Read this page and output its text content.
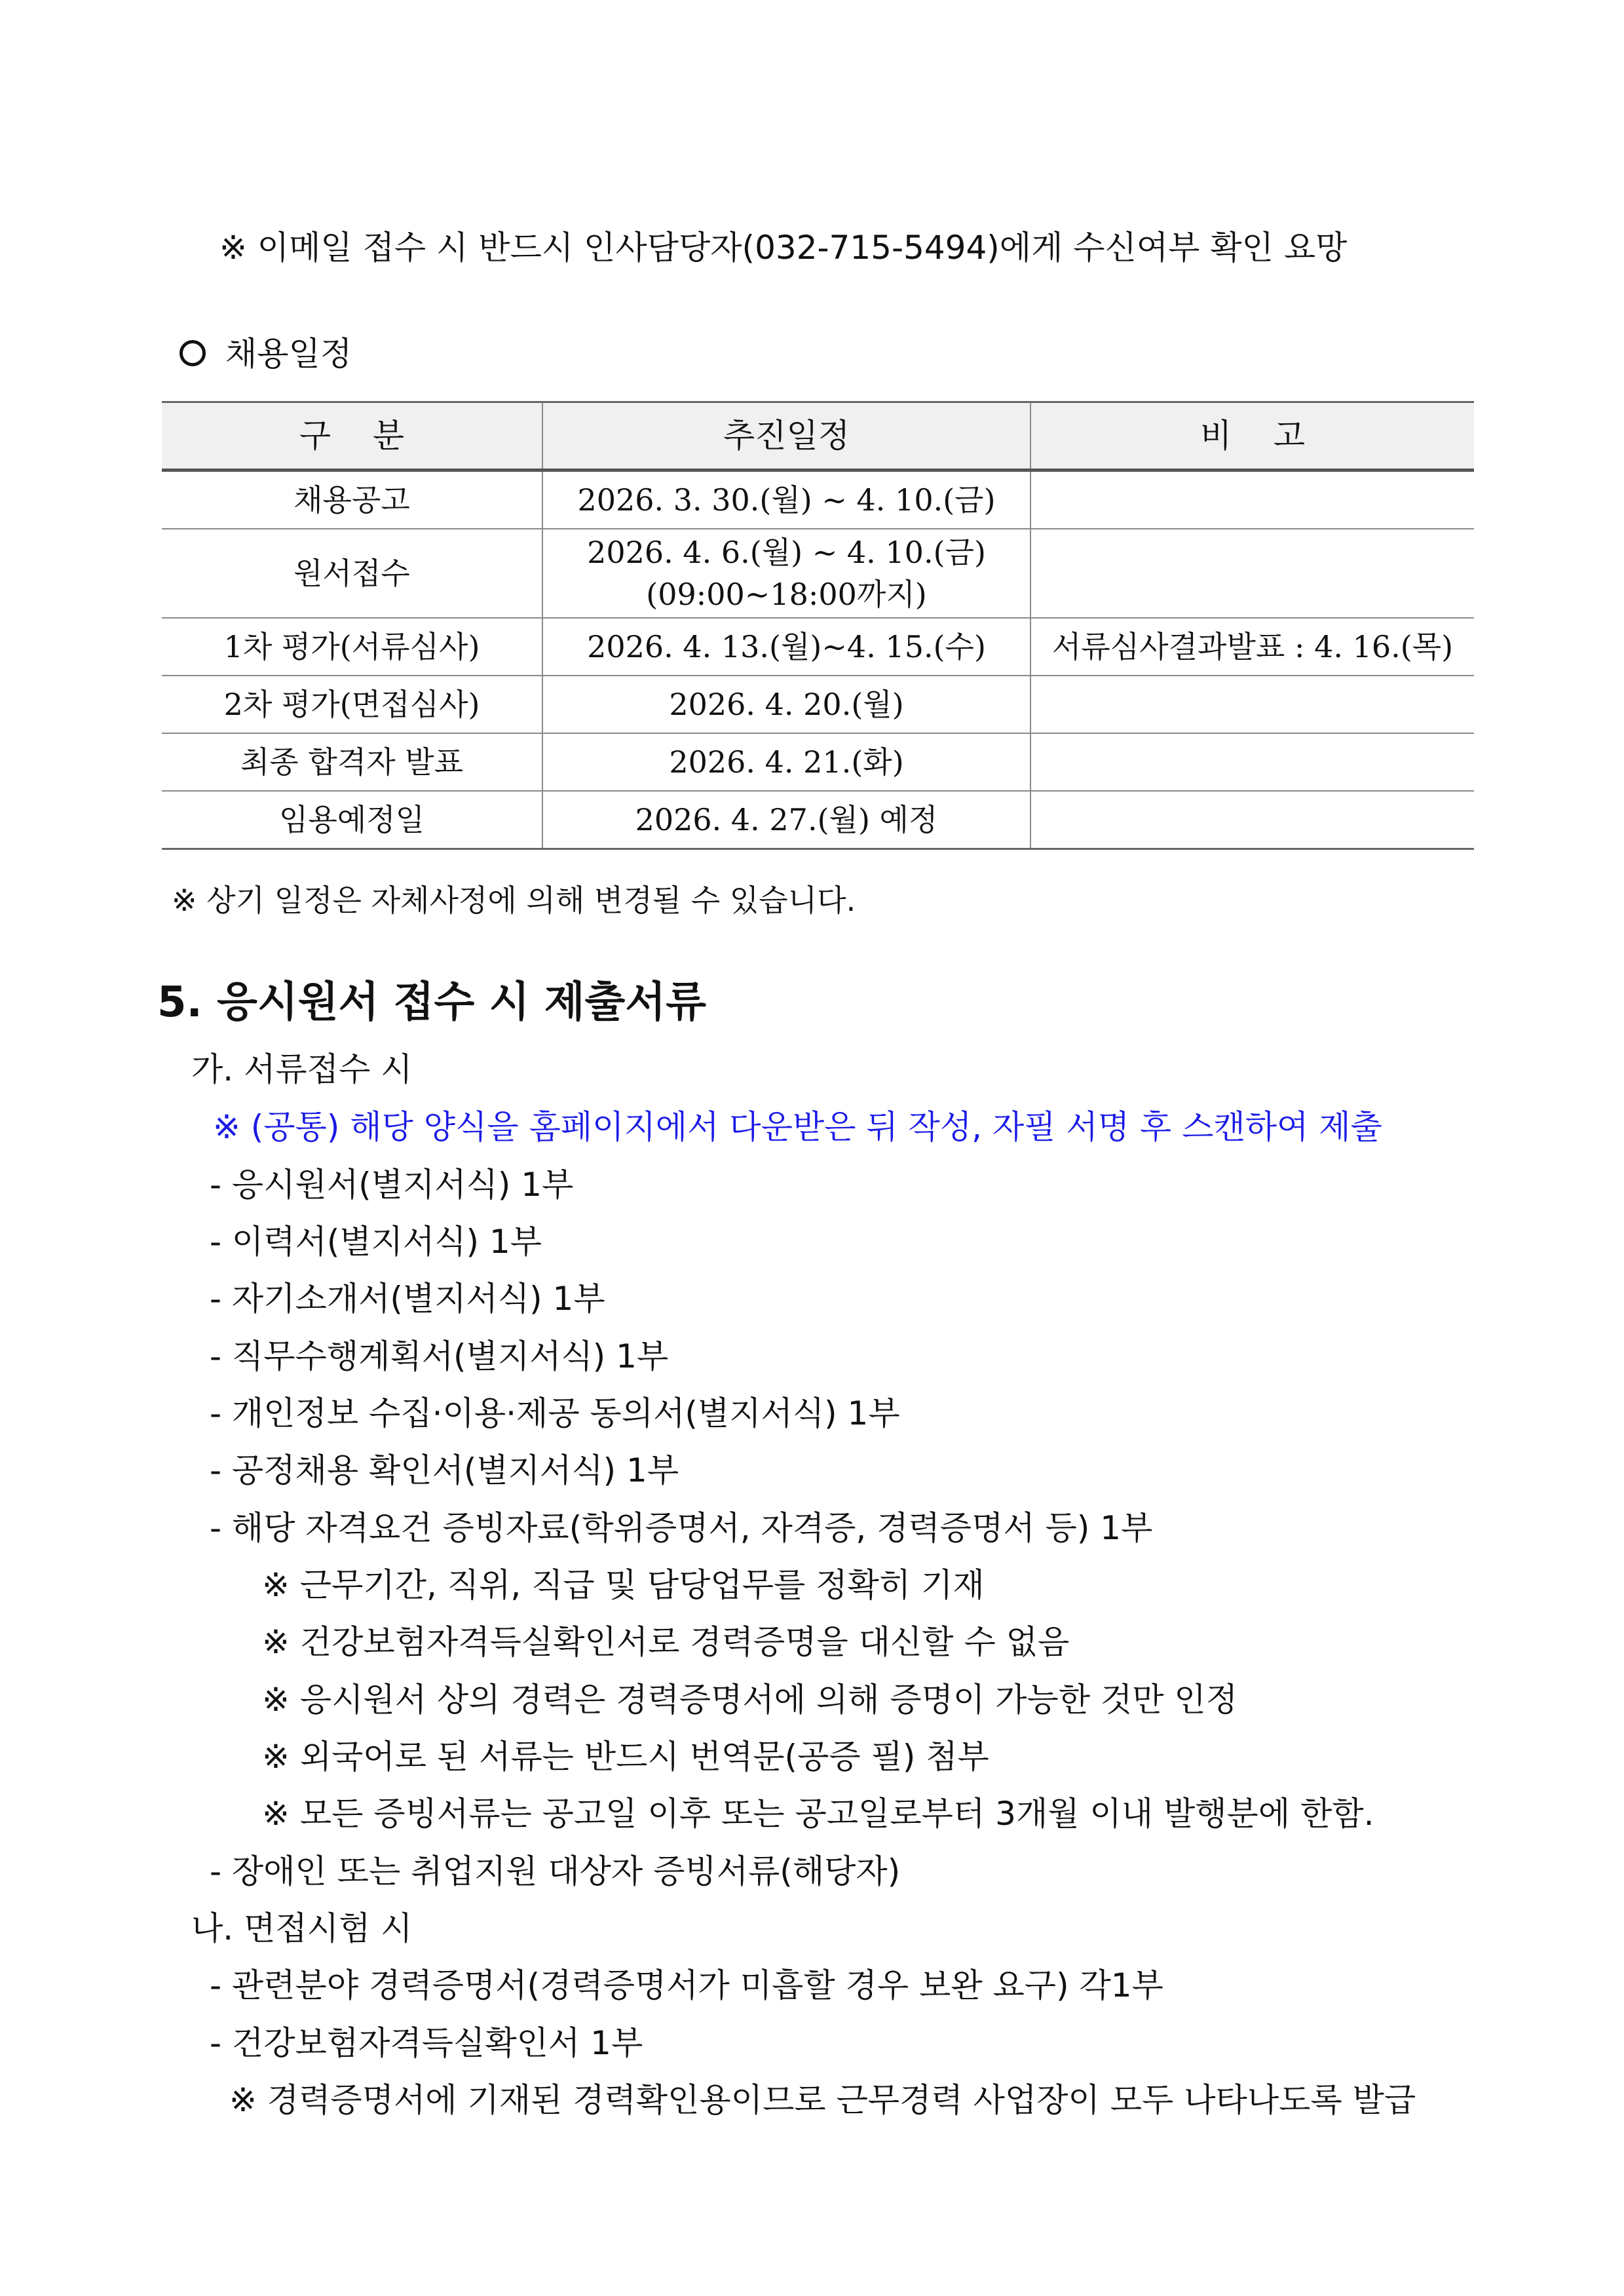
※ 이메일 접수 시 반드시 인사담당자(032-715-5494)에게 수신여부 확인 요망
채용일정
구    분	추진일정	비    고
채용공고	2026. 3. 30.(월) ~ 4. 10.(금)	
원서접수	2026. 4. 6.(월) ~ 4. 10.(금)
(09:00~18:00까지)	

1차 평가(서류심사)	2026. 4. 13.(월)~4. 15.(수)	서류심사결과발표 : 4. 16.(목)
2차 평가(면접심사)	2026. 4. 20.(월)	
최종 합격자 발표	2026. 4. 21.(화)	
임용예정일	2026. 4. 27.(월) 예정	
※ 상기 일정은 자체사정에 의해 변경될 수 있습니다.
5. 응시원서 접수 시 제출서류
가. 서류접수 시
※ (공통) 해당 양식을 홈페이지에서 다운받은 뒤 작성, 자필 서명 후 스캔하여 제출
- 응시원서(별지서식) 1부
- 이력서(별지서식) 1부
- 자기소개서(별지서식) 1부
- 직무수행계획서(별지서식) 1부
- 개인정보 수집·이용·제공 동의서(별지서식) 1부
- 공정채용 확인서(별지서식) 1부
- 해당 자격요건 증빙자료(학위증명서, 자격증, 경력증명서 등) 1부
※ 근무기간, 직위, 직급 및 담당업무를 정확히 기재
※ 건강보험자격득실확인서로 경력증명을 대신할 수 없음
※ 응시원서 상의 경력은 경력증명서에 의해 증명이 가능한 것만 인정
※ 외국어로 된 서류는 반드시 번역문(공증 필) 첨부
※ 모든 증빙서류는 공고일 이후 또는 공고일로부터 3개월 이내 발행분에 한함.
- 장애인 또는 취업지원 대상자 증빙서류(해당자)
나. 면접시험 시
- 관련분야 경력증명서(경력증명서가 미흡할 경우 보완 요구) 각1부
- 건강보험자격득실확인서 1부
※ 경력증명서에 기재된 경력확인용이므로 근무경력 사업장이 모두 나타나도록 발급
